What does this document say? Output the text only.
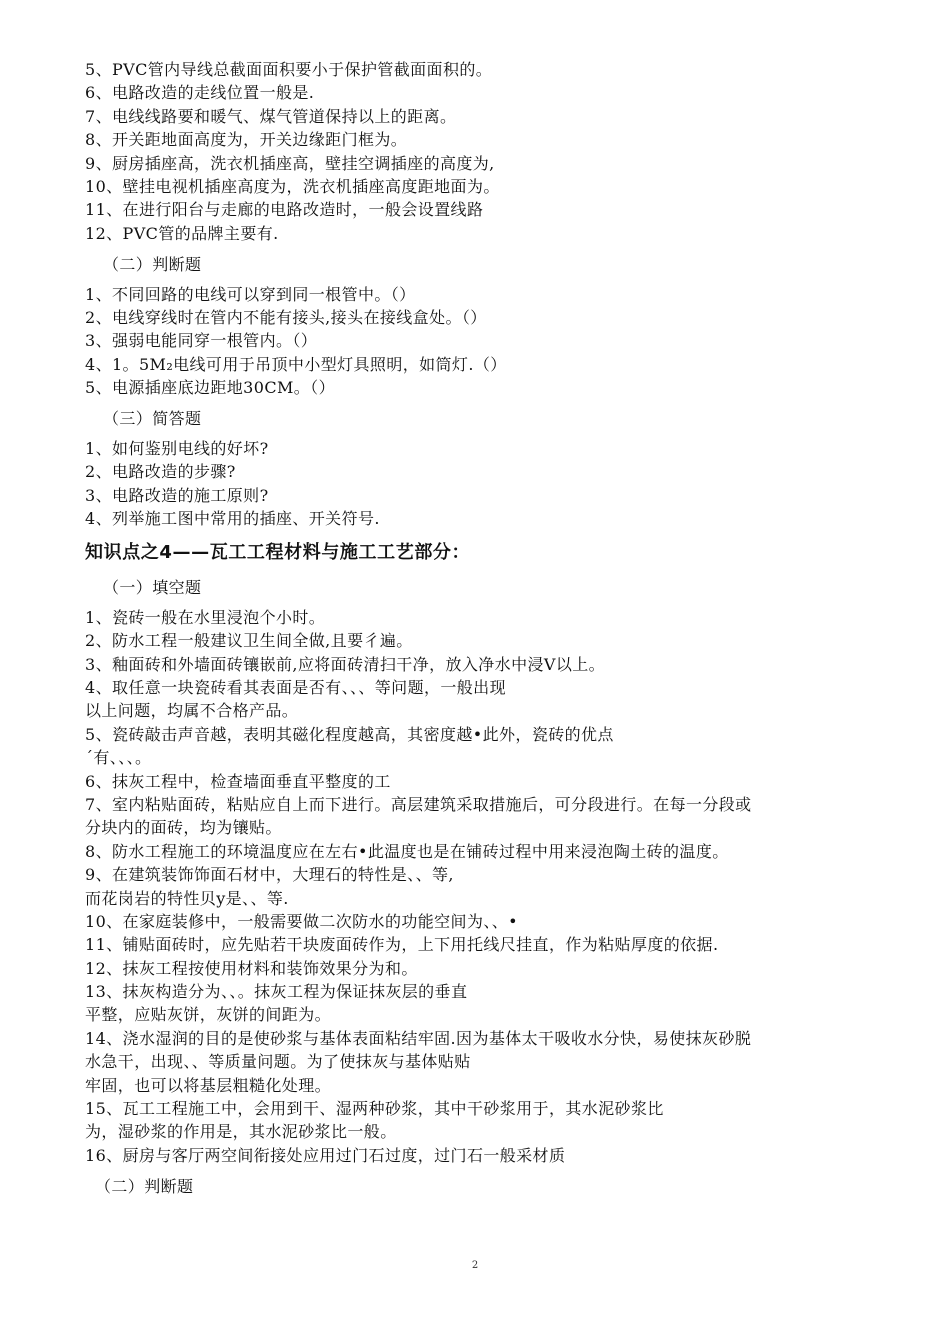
5、PVC管内导线总截面面积要小于保护管截面面积的。
6、电路改造的走线位置一般是.
7、电线线路要和暖气、煤气管道保持以上的距离。
8、开关距地面高度为，开关边缘距门框为。
9、厨房插座高，洗衣机插座高，壁挂空调插座的高度为,
10、壁挂电视机插座高度为，洗衣机插座高度距地面为。
11、在进行阳台与走廊的电路改造时，一般会设置线路
12、PVC管的品牌主要有.
（二）判断题
1、不同回路的电线可以穿到同一根管中。（）
2、电线穿线时在管内不能有接头,接头在接线盒处。（）
3、强弱电能同穿一根管内。（）
4、1。5M₂电线可用于吊顶中小型灯具照明，如筒灯.（）
5、电源插座底边距地30CM。（）
（三）简答题
1、如何鉴别电线的好坏?
2、电路改造的步骤?
3、电路改造的施工原则?
4、列举施工图中常用的插座、开关符号.
知识点之4——瓦工工程材料与施工工艺部分：
（一）填空题
1、瓷砖一般在水里浸泡个小时。
2、防水工程一般建议卫生间全做,且要彳遍。
3、釉面砖和外墙面砖镶嵌前,应将面砖清扫干净，放入净水中浸V以上。
4、取任意一块瓷砖看其表面是否有、、、等问题，一般出现
以上问题，均属不合格产品。
5、瓷砖敲击声音越，表明其磁化程度越高，其密度越•此外，瓷砖的优点
´有、、、。
6、抹灰工程中，检查墙面垂直平整度的工
7、室内粘贴面砖，粘贴应自上而下进行。高层建筑采取措施后，可分段进行。在每一分段或
分块内的面砖，均为镶贴。
8、防水工程施工的环境温度应在左右•此温度也是在铺砖过程中用来浸泡陶土砖的温度。
9、在建筑装饰饰面石材中，大理石的特性是、、等,
而花岗岩的特性贝y是、、等.
10、在家庭装修中，一般需要做二次防水的功能空间为、、•
11、铺贴面砖时，应先贴若干块废面砖作为，上下用托线尺挂直，作为粘贴厚度的依据.
12、抹灰工程按使用材料和装饰效果分为和。
13、抹灰构造分为、、。抹灰工程为保证抹灰层的垂直
平整，应贴灰饼，灰饼的间距为。
14、浇水湿润的目的是使砂浆与基体表面粘结牢固.因为基体太干吸收水分快，易使抹灰砂脱
水急干，出现、、等质量问题。为了使抹灰与基体贴贴
牢固，也可以将基层粗糙化处理。
15、瓦工工程施工中，会用到干、湿两种砂浆，其中干砂浆用于，其水泥砂浆比
为，湿砂浆的作用是，其水泥砂浆比一般。
16、厨房与客厅两空间衔接处应用过门石过度，过门石一般采材质
（二）判断题
2
